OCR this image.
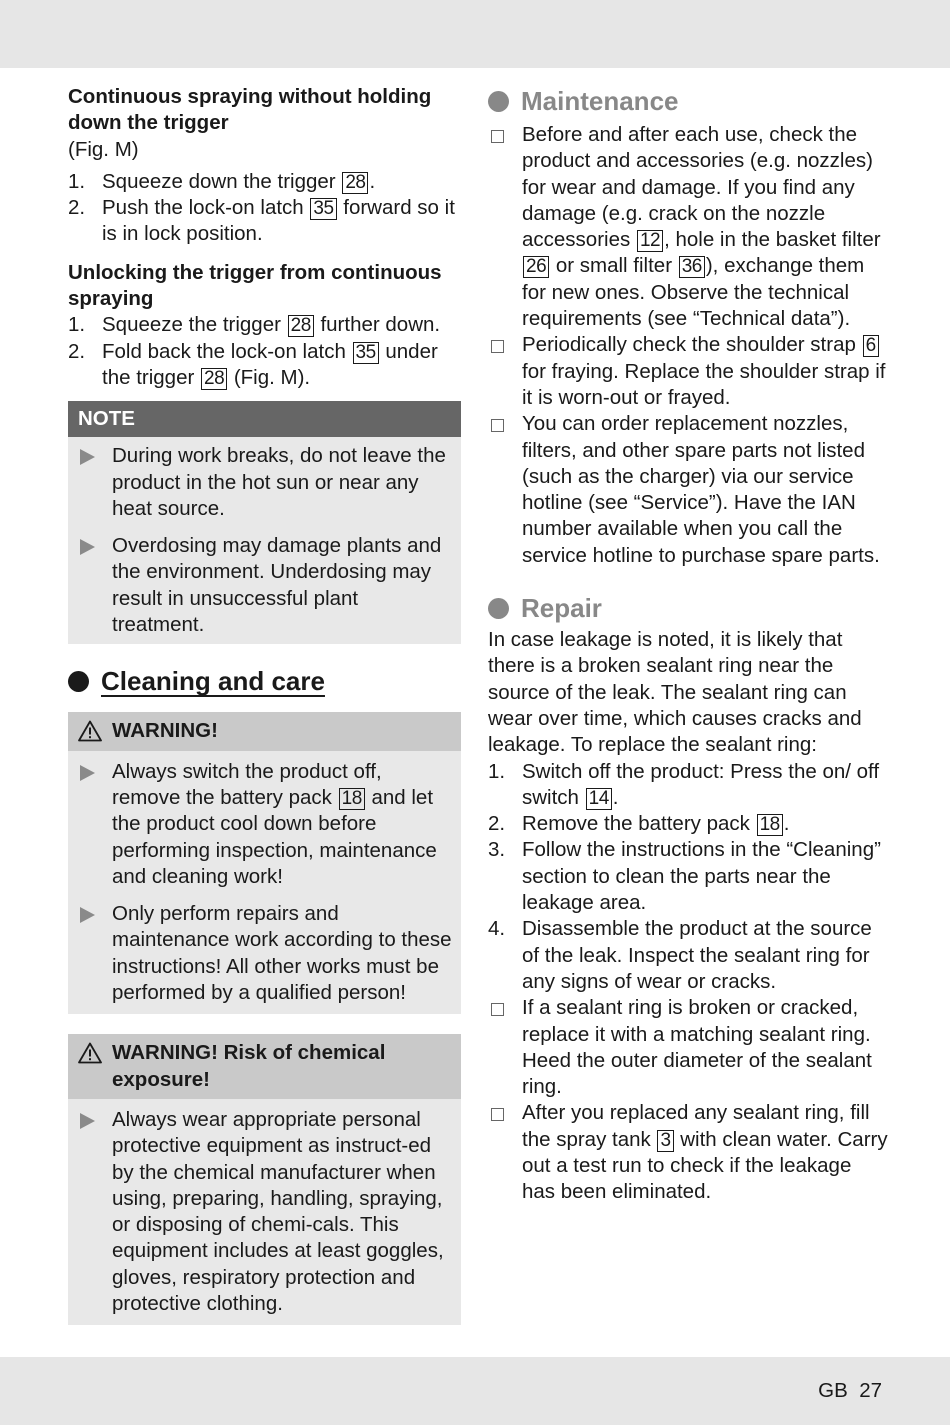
Continuous spraying without holding down the trigger

(Fig. M)

1. Squeeze down the trigger 28 .
2. Push the lock-on latch 35 forward so it is in lock position.

Unlocking the trigger from continuous spraying

1. Squeeze the trigger 28 further down.
2. Fold back the lock-on latch 35 under the trigger 28 (Fig. M).
NOTE
During work breaks, do not leave the product in the hot sun or near any heat source.
Overdosing may damage plants and the environment. Underdosing may result in unsuccessful plant treatment.
Cleaning and care
WARNING!
Always switch the product off, remove the battery pack 18 and let the product cool down before performing inspection, maintenance and cleaning work!
Only perform repairs and maintenance work according to these instructions! All other works must be performed by a qualified person!
WARNING! Risk of chemical exposure!
Always wear appropriate personal protective equipment as instruct-ed by the chemical manufacturer when using, preparing, handling, spraying, or disposing of chemi-cals. This equipment includes at least goggles, gloves, respiratory protection and protective clothing.
Maintenance
Before and after each use, check the product and accessories (e.g. nozzles) for wear and damage. If you find any damage (e.g. crack on the nozzle accessories 12 , hole in the basket filter 26 or small filter 36 ), exchange them for new ones. Observe the technical requirements (see “Technical data”).
Periodically check the shoulder strap 6 for fraying. Replace the shoulder strap if it is worn-out or frayed.
You can order replacement nozzles, filters, and other spare parts not listed (such as the charger) via our service hotline (see “Service”). Have the IAN number available when you call the service hotline to purchase spare parts.
Repair

In case leakage is noted, it is likely that there is a broken sealant ring near the source of the leak. The sealant ring can wear over time, which causes cracks and leakage. To replace the sealant ring:

1. Switch off the product: Press the on/ off switch 14 .
2. Remove the battery pack 18 .
3. Follow the instructions in the “Cleaning” section to clean the parts near the leakage area.
4. Disassemble the product at the source of the leak. Inspect the sealant ring for any signs of wear or cracks.
If a sealant ring is broken or cracked, replace it with a matching sealant ring. Heed the outer diameter of the sealant ring.
After you replaced any sealant ring, fill the spray tank 3 with clean water. Carry out a test run to check if the leakage has been eliminated.
GB 27
